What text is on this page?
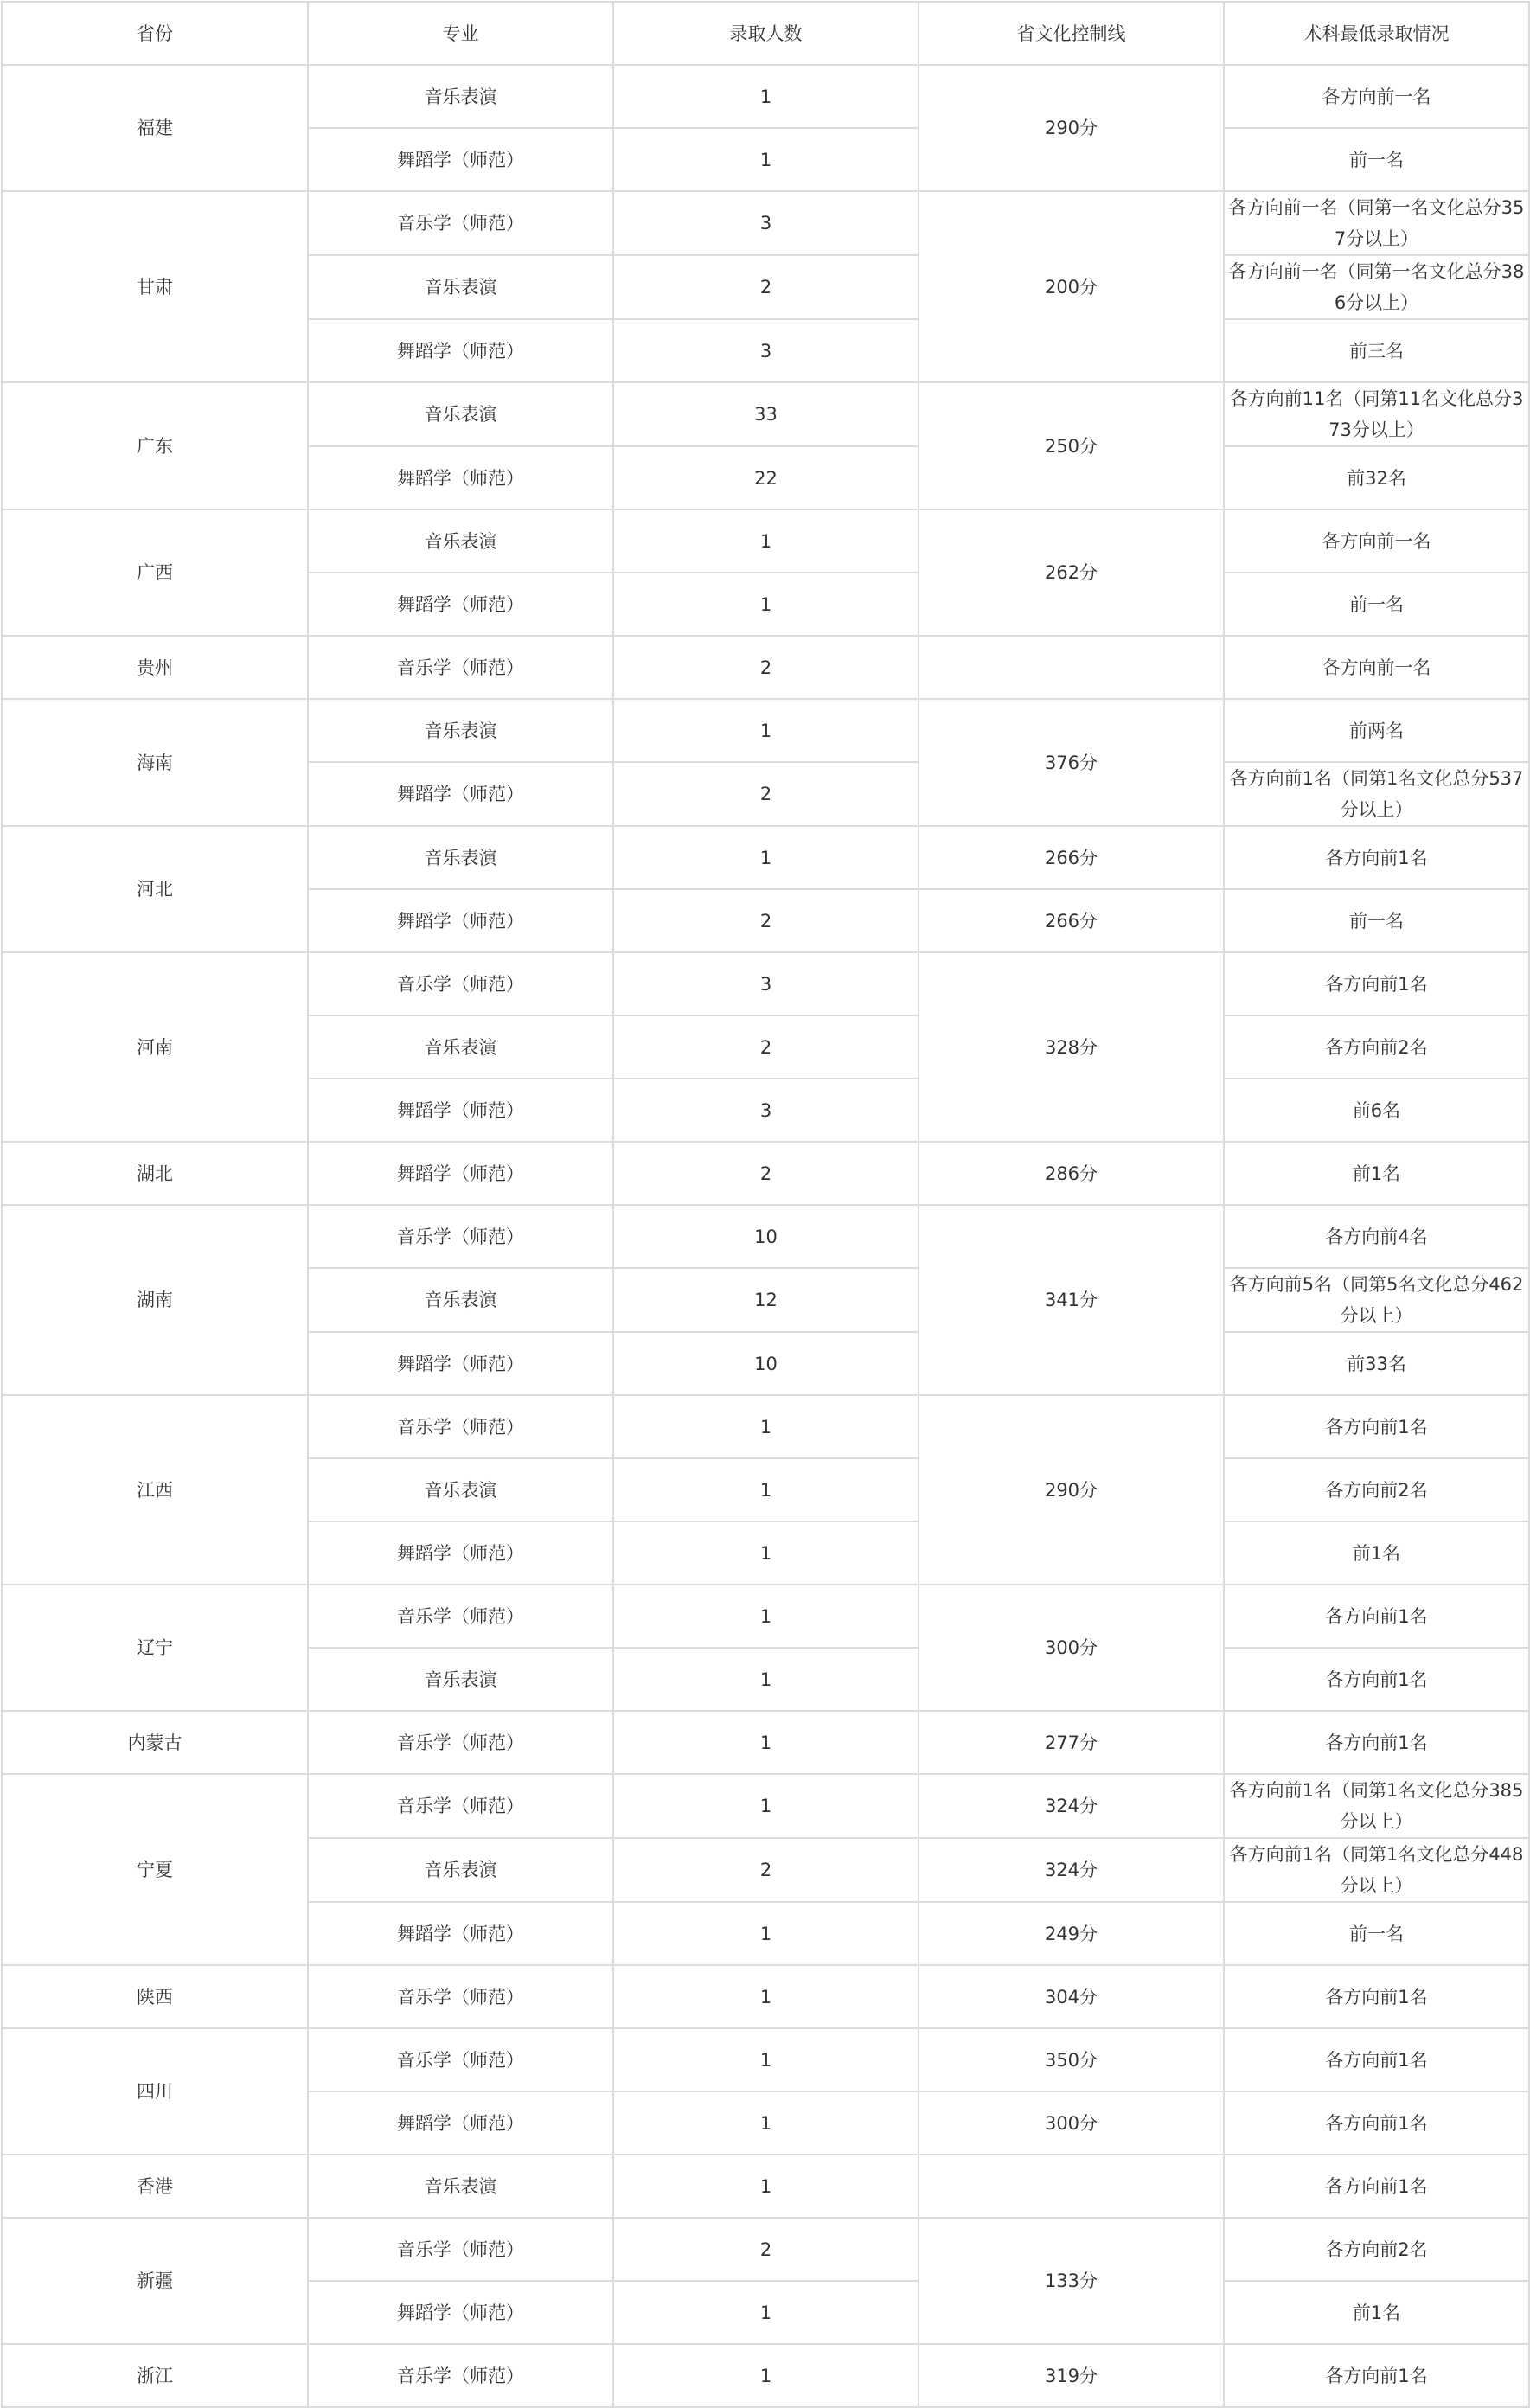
省份	专业	录取人数	省文化控制线	术科最低录取情况
福建	音乐表演	1	290分	各方向前一名
	舞蹈学（师范）	1		前一名
甘肃	音乐学（师范）	3	200分	各方向前一名（同第一名文化总分357分以上）
	音乐表演	2		各方向前一名（同第一名文化总分386分以上）
	舞蹈学（师范）	3		前三名
广东	音乐表演	33	250分	各方向前11名（同第11名文化总分373分以上）
	舞蹈学（师范）	22		前32名
广西	音乐表演	1	262分	各方向前一名
	舞蹈学（师范）	1		前一名
贵州	音乐学（师范）	2		各方向前一名
海南	音乐表演	1	376分	前两名
	舞蹈学（师范）	2		各方向前1名（同第1名文化总分537分以上）
河北	音乐表演	1	266分	各方向前1名
	舞蹈学（师范）	2	266分	前一名
河南	音乐学（师范）	3	328分	各方向前1名
	音乐表演	2		各方向前2名
	舞蹈学（师范）	3		前6名
湖北	舞蹈学（师范）	2	286分	前1名
湖南	音乐学（师范）	10	341分	各方向前4名
	音乐表演	12		各方向前5名（同第5名文化总分462分以上）
	舞蹈学（师范）	10		前33名
江西	音乐学（师范）	1	290分	各方向前1名
	音乐表演	1		各方向前2名
	舞蹈学（师范）	1		前1名
辽宁	音乐学（师范）	1	300分	各方向前1名
	音乐表演	1		各方向前1名
内蒙古	音乐学（师范）	1	277分	各方向前1名
宁夏	音乐学（师范）	1	324分	各方向前1名（同第1名文化总分385分以上）
	音乐表演	2	324分	各方向前1名（同第1名文化总分448分以上）
	舞蹈学（师范）	1	249分	前一名
陕西	音乐学（师范）	1	304分	各方向前1名
四川	音乐学（师范）	1	350分	各方向前1名
	舞蹈学（师范）	1	300分	各方向前1名
香港	音乐表演	1		各方向前1名
新疆	音乐学（师范）	2	133分	各方向前2名
	舞蹈学（师范）	1		前1名
浙江	音乐学（师范）	1	319分	各方向前1名
